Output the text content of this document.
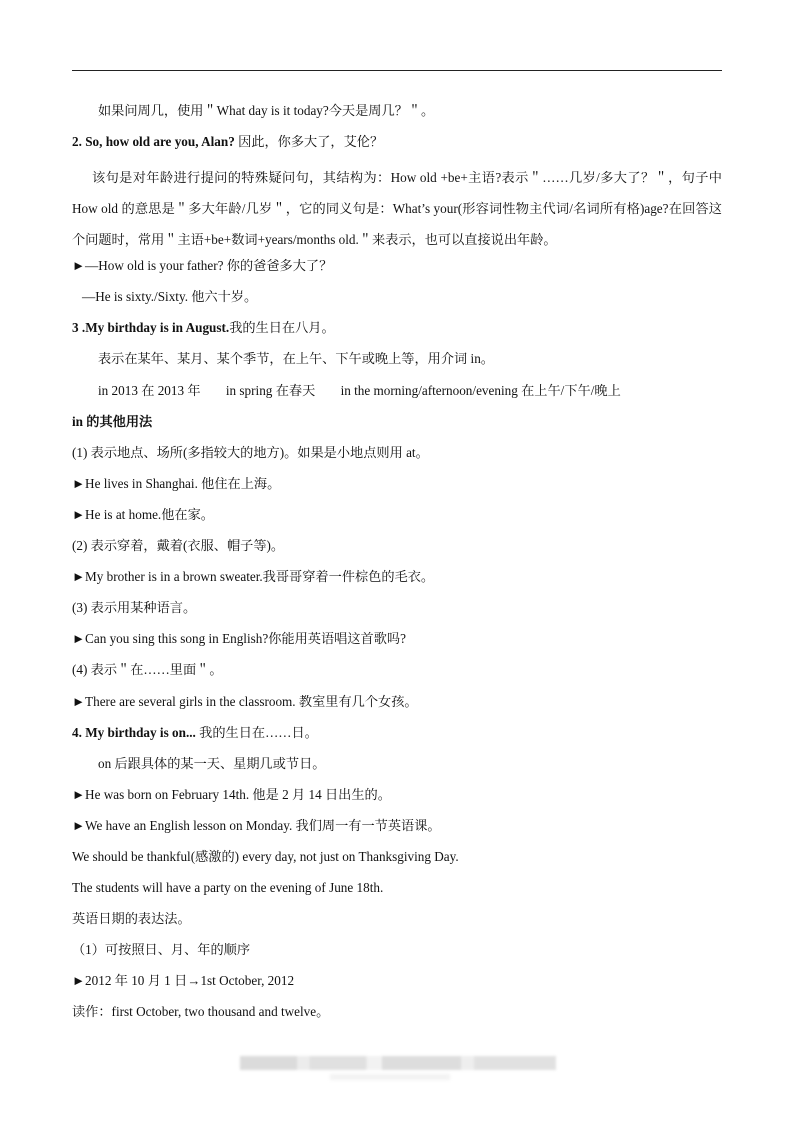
如果问周几，使用＂What day is it today?今天是周几？＂。
2. So, how old are you, Alan? 因此，你多大了，艾伦？
该句是对年龄进行提问的特殊疑问句，其结构为：How old +be+主语?表示＂……几岁/多大了？＂，句子中 How old 的意思是＂多大年龄/几岁＂，它的同义句是：What’s your(形容词性物主代词/名词所有格)age?在回答这个问题时，常用＂主语+be+数词+years/months old.＂来表示，也可以直接说出年龄。
►—How old is your father? 你的爸爸多大了？
—He is sixty./Sixty. 他六十岁。
3 .My birthday is in August.我的生日在八月。
表示在某年、某月、某个季节，在上午、下午或晚上等，用介词 in。
in 2013 在 2013 年 in spring 在春天 in the morning/afternoon/evening 在上午/下午/晚上
in 的其他用法
(1) 表示地点、场所(多指较大的地方)。如果是小地点则用 at。
►He lives in Shanghai. 他住在上海。
►He is at home.他在家。
(2) 表示穿着，戴着(衣服、帽子等)。
►My brother is in a brown sweater.我哥哥穿着一件棕色的毛衣。
(3) 表示用某种语言。
►Can you sing this song in English?你能用英语唱这首歌吗?
(4) 表示＂在……里面＂。
►There are several girls in the classroom. 教室里有几个女孩。
4. My birthday is on... 我的生日在……日。
on 后跟具体的某一天、星期几或节日。
►He was born on February 14th. 他是 2 月 14 日出生的。
►We have an English lesson on Monday. 我们周一有一节英语课。
We should be thankful(感激的) every day, not just on Thanksgiving Day.
The students will have a party on the evening of June 18th.
英语日期的表达法。
（1）可按照日、月、年的顺序
►2012 年 10 月 1 日→1st October, 2012
读作：first October, two thousand and twelve。
